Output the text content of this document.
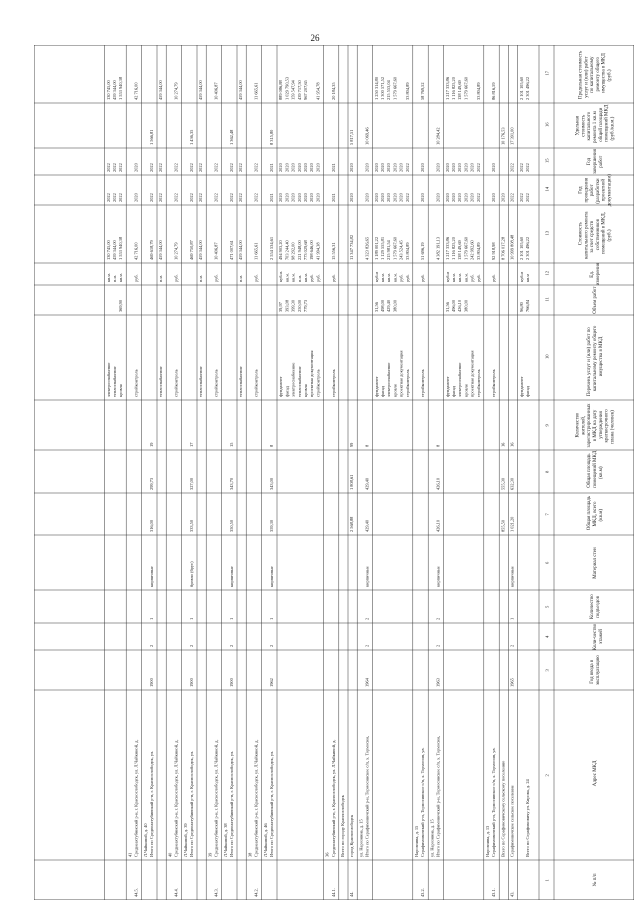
26
№ п/п
Адрес МКД
Год ввода в эксплуатацию
Коли-чество этажей
Количество подъездов
Материал стен
Общая площадь МКД, всего (кв.м)
Общая площадь помещений МКД (кв.м)
Количество жителей, зарегистрированных в МКД на дату утверждения краткосрочного плана (человек)
Перечень услуг и (или) работ по капитальному ремонту общего имущества в МКД
Объем работ
Ед. измерения
Стоимость капитального ремонта за счет средств собственников помещений в МКД, (руб.)
Год проведения работ (разработки проектной документации)
Год завершения работ
Удельная стоимость капитального ремонта 1 кв.м общей площади помещений МКД (руб./кв.м.)
Предельная стоимость услуг и (или) работ по капитальному ремонту общего имущества в МКД (руб.)
1
2
3
4
5
6
7
8
9
10
11
12
13
14
15
16
17
Всего по Серафимовичу ул. Кирова, д. 24
фасад
фундамент
766,84
96,80
кв.м
куб.м
2 301 496,22
2 101 105,60
2022
2022
2022
2022
2 301 496,22
2 101 105,60
43.
Серафимовичское сельское поселение
1965
2
1
кирпичные
1 021,20
632,30
16
17 391,00
10 999 808,48
2022
2022
Всего по Серафимовичскому сельскому поселению
855,50
555,30
16
10 176,53
8 706 017,28
2020
43.1.
Серафимовичский р-н, Тормосинское с/п, х. Тормосин, ул.
Нарознина, д. 13
стройконтроль
руб.
92 918,98
2020
2020
86 816,59
стройконтроль
проектная документация
кровля
электроснабжение
фасад
фундамент
380,00
426,10
496,00
31,56
руб.
руб.
кв.м.
кв.м.
кв.м.
куб.м
33 804,89
242 992,60
1 579 667,60
138 149,69
1 116 825,20
1 217 333,86
2022
2020
2020
2020
2020
2020
2022
2020
2020
2020
2020
2020
33 804,89
1 579 667,60
138 149,69
1 116 825,20
1 217 333,86
Итого по Серафимовичский р-н, Тормосинское с/п, х. Тормосин,
ул. Нарознина, д. 15
1963
2
2
кирпичные
426,10
426,10
8
10 284,42
4 382 191,13
2020
2020
43.2.
Серафимовичский р-н, Тормосинское с/п, х. Тормосин, ул.
Нарознина, д. 15
стройконтроль
руб.
51 696,19
2020
2020
58 769,52
стройконтроль
проектная документация
кровля
электроснабжение
фасад
фундамент
380,00
429,40
498,00
31,56
руб.
руб.
кв.м.
кв.м.
кв.м.
куб.м
33 804,89
243 524,45
1 579 667,60
215 981,54
1 129 555,81
1 189 001,22
2022
2020
2020
2020
2020
2020
2022
2020
2020
2020
2020
2020
33 804,89
1 579 667,60
215 553,04
1 300 571,52
1 250 314,80
Итого по Серафимовичский р-н, Тормосинское с/п, х. Тормосин,
ул. Нарознина, д. 15
1964
2
2
кирпичные
429,40
429,40
8
10 069,46
4 323 826,65
2020
2020
44.
город Краснослободск
2 568,88
1 808,61
99
5 817,51
11 347 734,82
2020
2020
Всего по городу Краснослободск
44.1.
Среднеахтубинский р-н, г. Краснослободск, ул. Л.Чайкиной, д.
36
стройконтроль
руб.
15 556,31
2021
2021
20 184,35
стройконтроль
проектная документация
кровля
теплоснабжение
электроснабжение
фасад
фундамент
779,73
250,00
399,30
393,08
39,97
руб.
руб.
кв.м.
п.м.
кв.м.
кв.м.
куб.м.
41 994,38
198 646,00
773 029,68
221 948,00
98 292,00
703 244,40
494 903,20
2020
2020
2020
2020
2020
2020
2020
2020
2020
2020
2020
2020
2020
2020
41 954,78
967 207,65
439 717,50
159 547,94
1 029 790,53
889 086,88
Итого по Среднеахтубинский р-н, г. Краснослободск, ул.
Л.Чайкиной, д. 46
1962
2
1
кирпичные
359,30
343,00
8
8 315,80
2 554 534,61
2021
2021
44.2.
Среднеахтубинский р-н, г. Краснослободск, ул. Л.Чайкиной, д.
38
стройконтроль
руб.
11 665,61
2022
2022
11 665,61
теплоснабжение
п.м.
459 344,00
2022
2022
459 344,00
Итого по Среднеахтубинский р-н, г. Краснослободск, ул.
Л.Чайкиной, д. 38
1900
2
1
кирпичные
350,50
343,70
15
1 362,48
471 007,61
2022
2022
44.3.
Среднеахтубинский р-н, г. Краснослободск, ул. Л.Чайкиной, д.
39
стройконтроль
руб.
10 406,87
2022
2022
10 406,87
теплоснабжение
п.м.
459 344,00
2022
2022
459 344,00
Итого по Среднеахтубинский р-н, г. Краснослободск, ул.
Л.Чайкиной, д. 39
1900
2
1
бревно (брус)
333,50
327,00
17
1 436,35
469 750,87
2022
2022
44.4.
Среднеахтубинский р-н, г. Краснослободск, ул. Л.Чайкиной, д.
40
стройконтроль
руб.
10 274,79
2022
2022
10 274,79
теплоснабжение
п.м.
459 344,00
2022
2022
459 344,00
Итого по Среднеахтубинский р-н, г. Краснослободск, ул.
Л.Чайкиной, д. 40
1900
2
1
кирпичные
316,00
299,73
19
1 566,81
469 618,79
2022
2022
44.5.
Среднеахтубинский р-н, г. Краснослободск, ул. Л.Чайкиной, д.
41
стройконтроль
руб.
42 716,00
2020
2020
42 716,00
кровля
теплоснабжение
электроснабжение
369,90
кв.м.
п.м.
кв.м.
1 553 940,38
459 344,00
130 745,00
2022
2022
2022
2022
2022
2022
1 553 940,38
459 344,00
130 745,00
